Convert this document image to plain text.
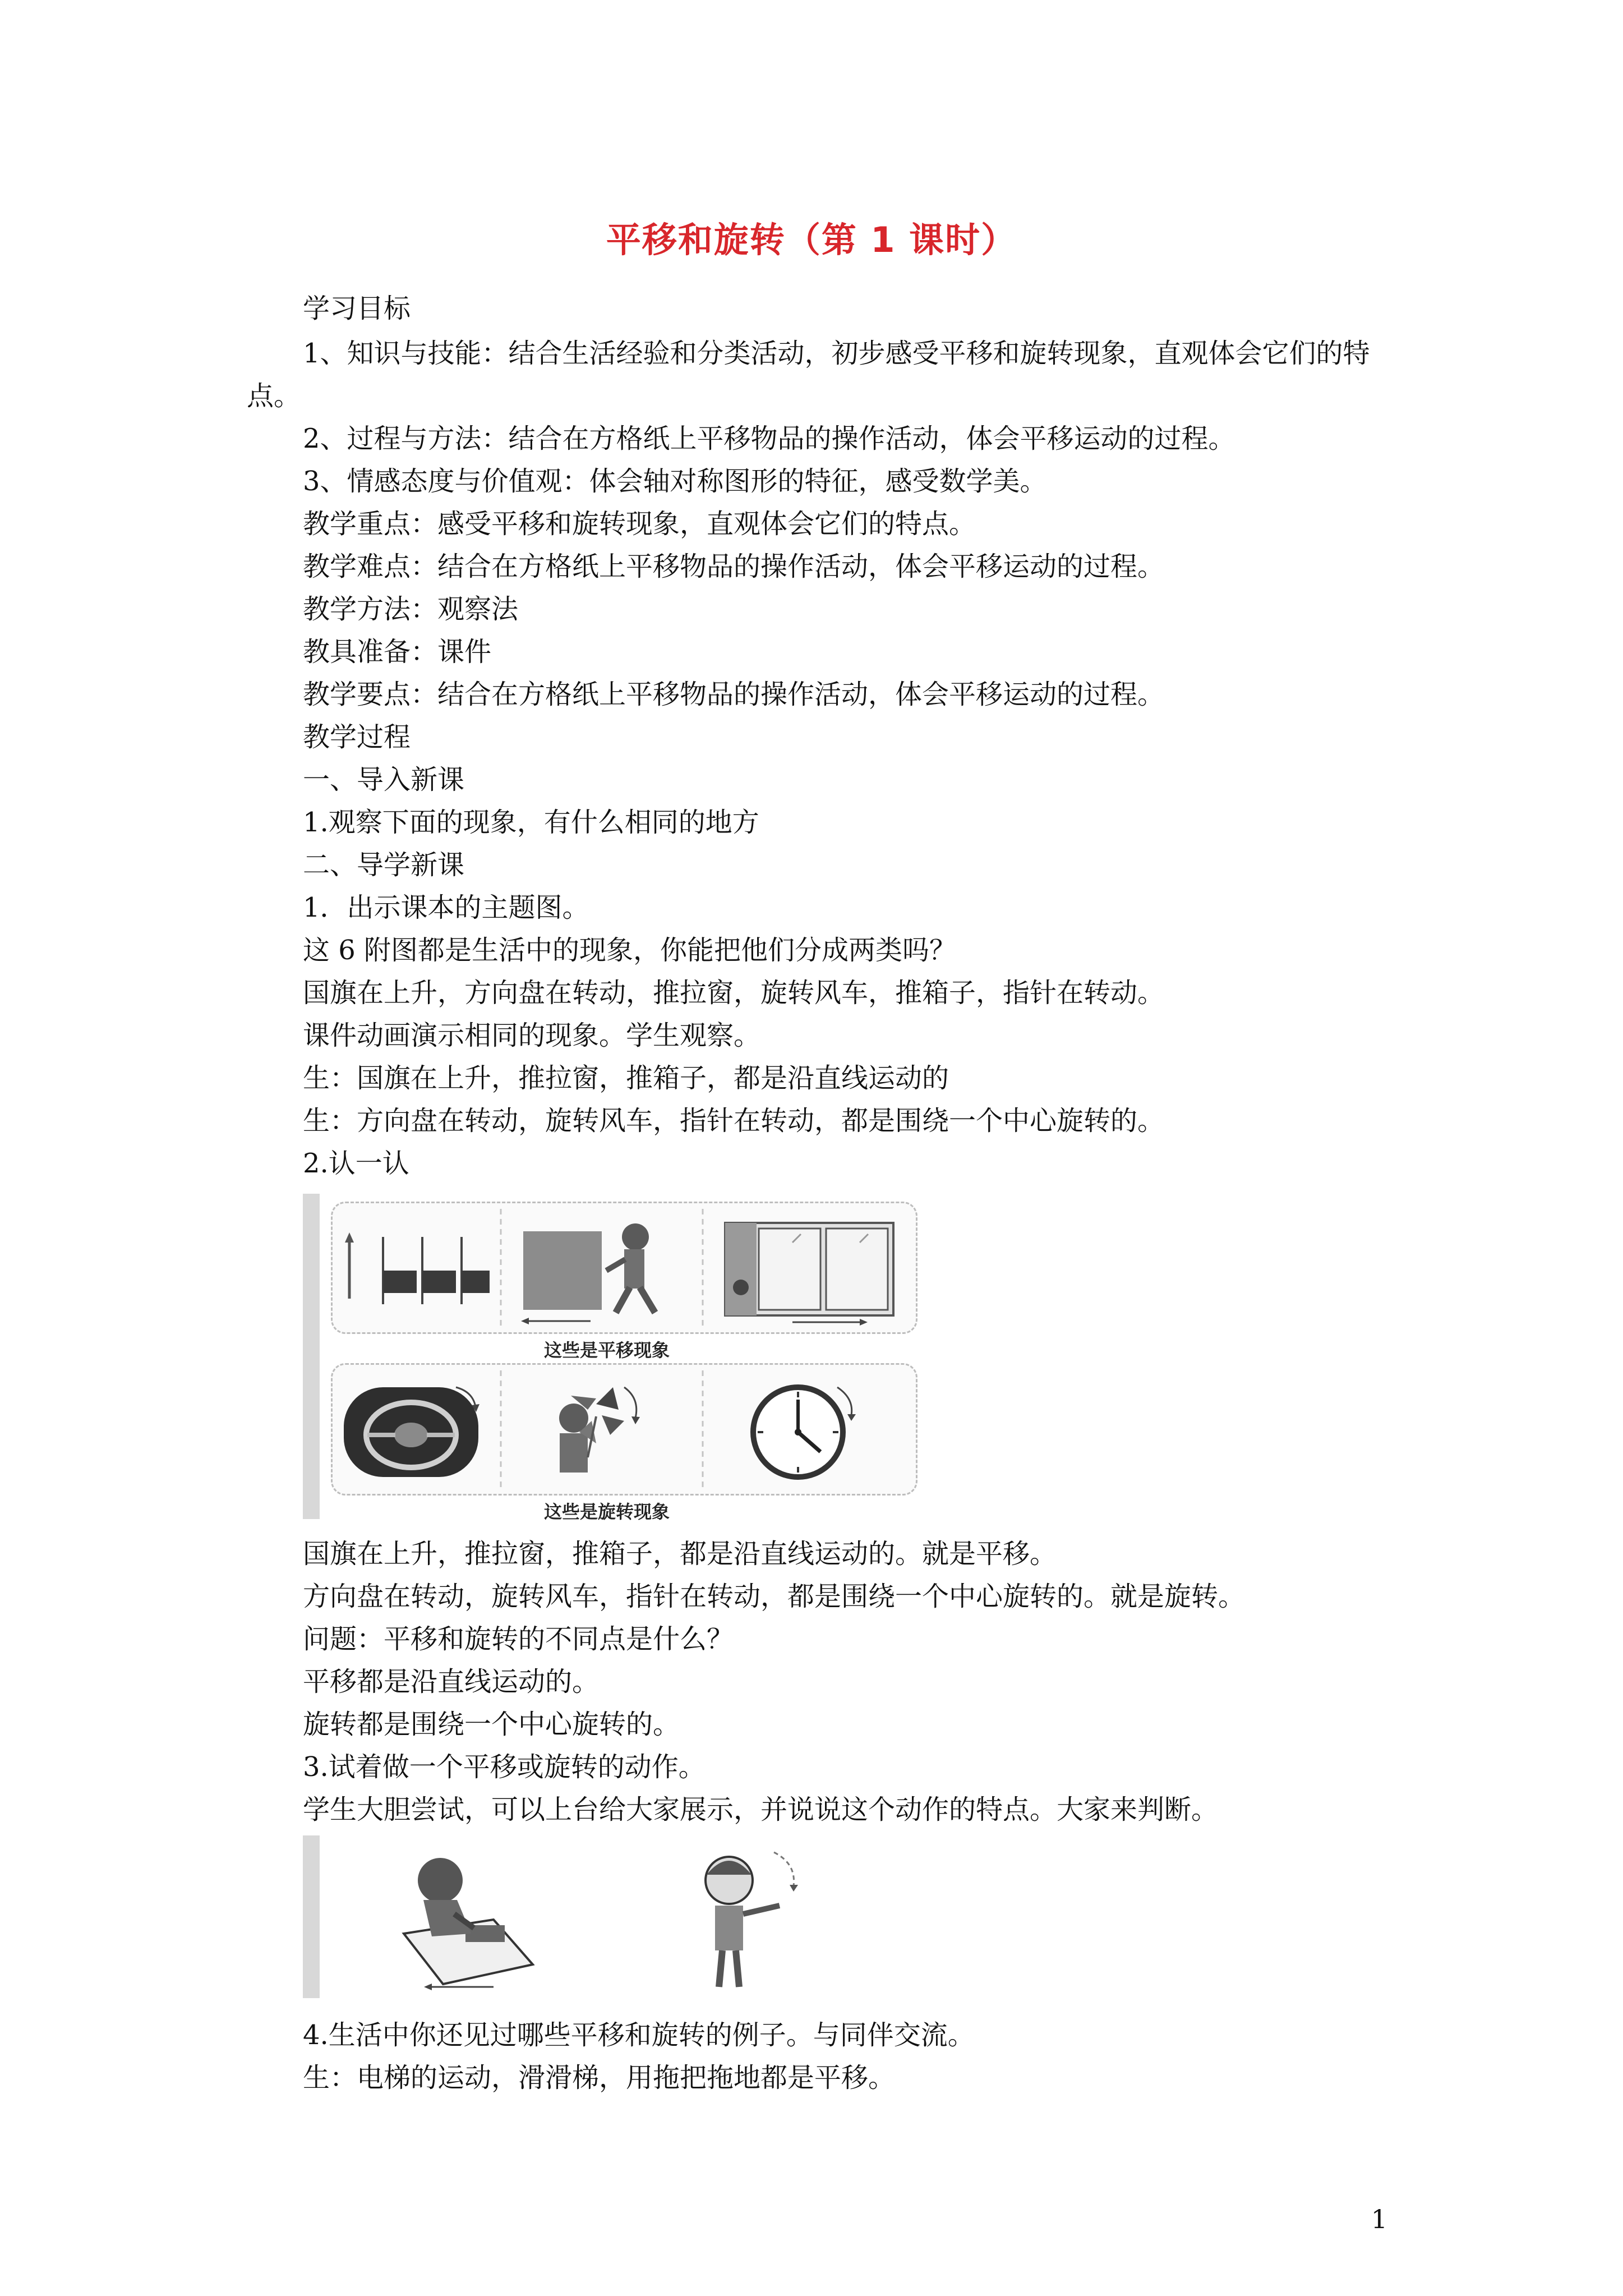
平移和旋转（第 1 课时）
学习目标
1、知识与技能：结合生活经验和分类活动，初步感受平移和旋转现象，直观体会它们的特点。
2、过程与方法：结合在方格纸上平移物品的操作活动，体会平移运动的过程。
3、情感态度与价值观：体会轴对称图形的特征，感受数学美。
教学重点：感受平移和旋转现象，直观体会它们的特点。
教学难点：结合在方格纸上平移物品的操作活动，体会平移运动的过程。
教学方法：观察法
教具准备：课件
教学要点：结合在方格纸上平移物品的操作活动，体会平移运动的过程。
教学过程
一、导入新课
1.观察下面的现象，有什么相同的地方
二、导学新课
1．出示课本的主题图。
这 6 附图都是生活中的现象，你能把他们分成两类吗？
国旗在上升，方向盘在转动，推拉窗，旋转风车，推箱子，指针在转动。
课件动画演示相同的现象。学生观察。
生：国旗在上升，推拉窗，推箱子，都是沿直线运动的
生：方向盘在转动，旋转风车，指针在转动，都是围绕一个中心旋转的。
2.认一认
这些是平移现象
这些是旋转现象
国旗在上升，推拉窗，推箱子，都是沿直线运动的。就是平移。
方向盘在转动，旋转风车，指针在转动，都是围绕一个中心旋转的。就是旋转。
问题：平移和旋转的不同点是什么？
平移都是沿直线运动的。
旋转都是围绕一个中心旋转的。
3.试着做一个平移或旋转的动作。
学生大胆尝试，可以上台给大家展示，并说说这个动作的特点。大家来判断。
4.生活中你还见过哪些平移和旋转的例子。与同伴交流。
生：电梯的运动，滑滑梯，用拖把拖地都是平移。
1
